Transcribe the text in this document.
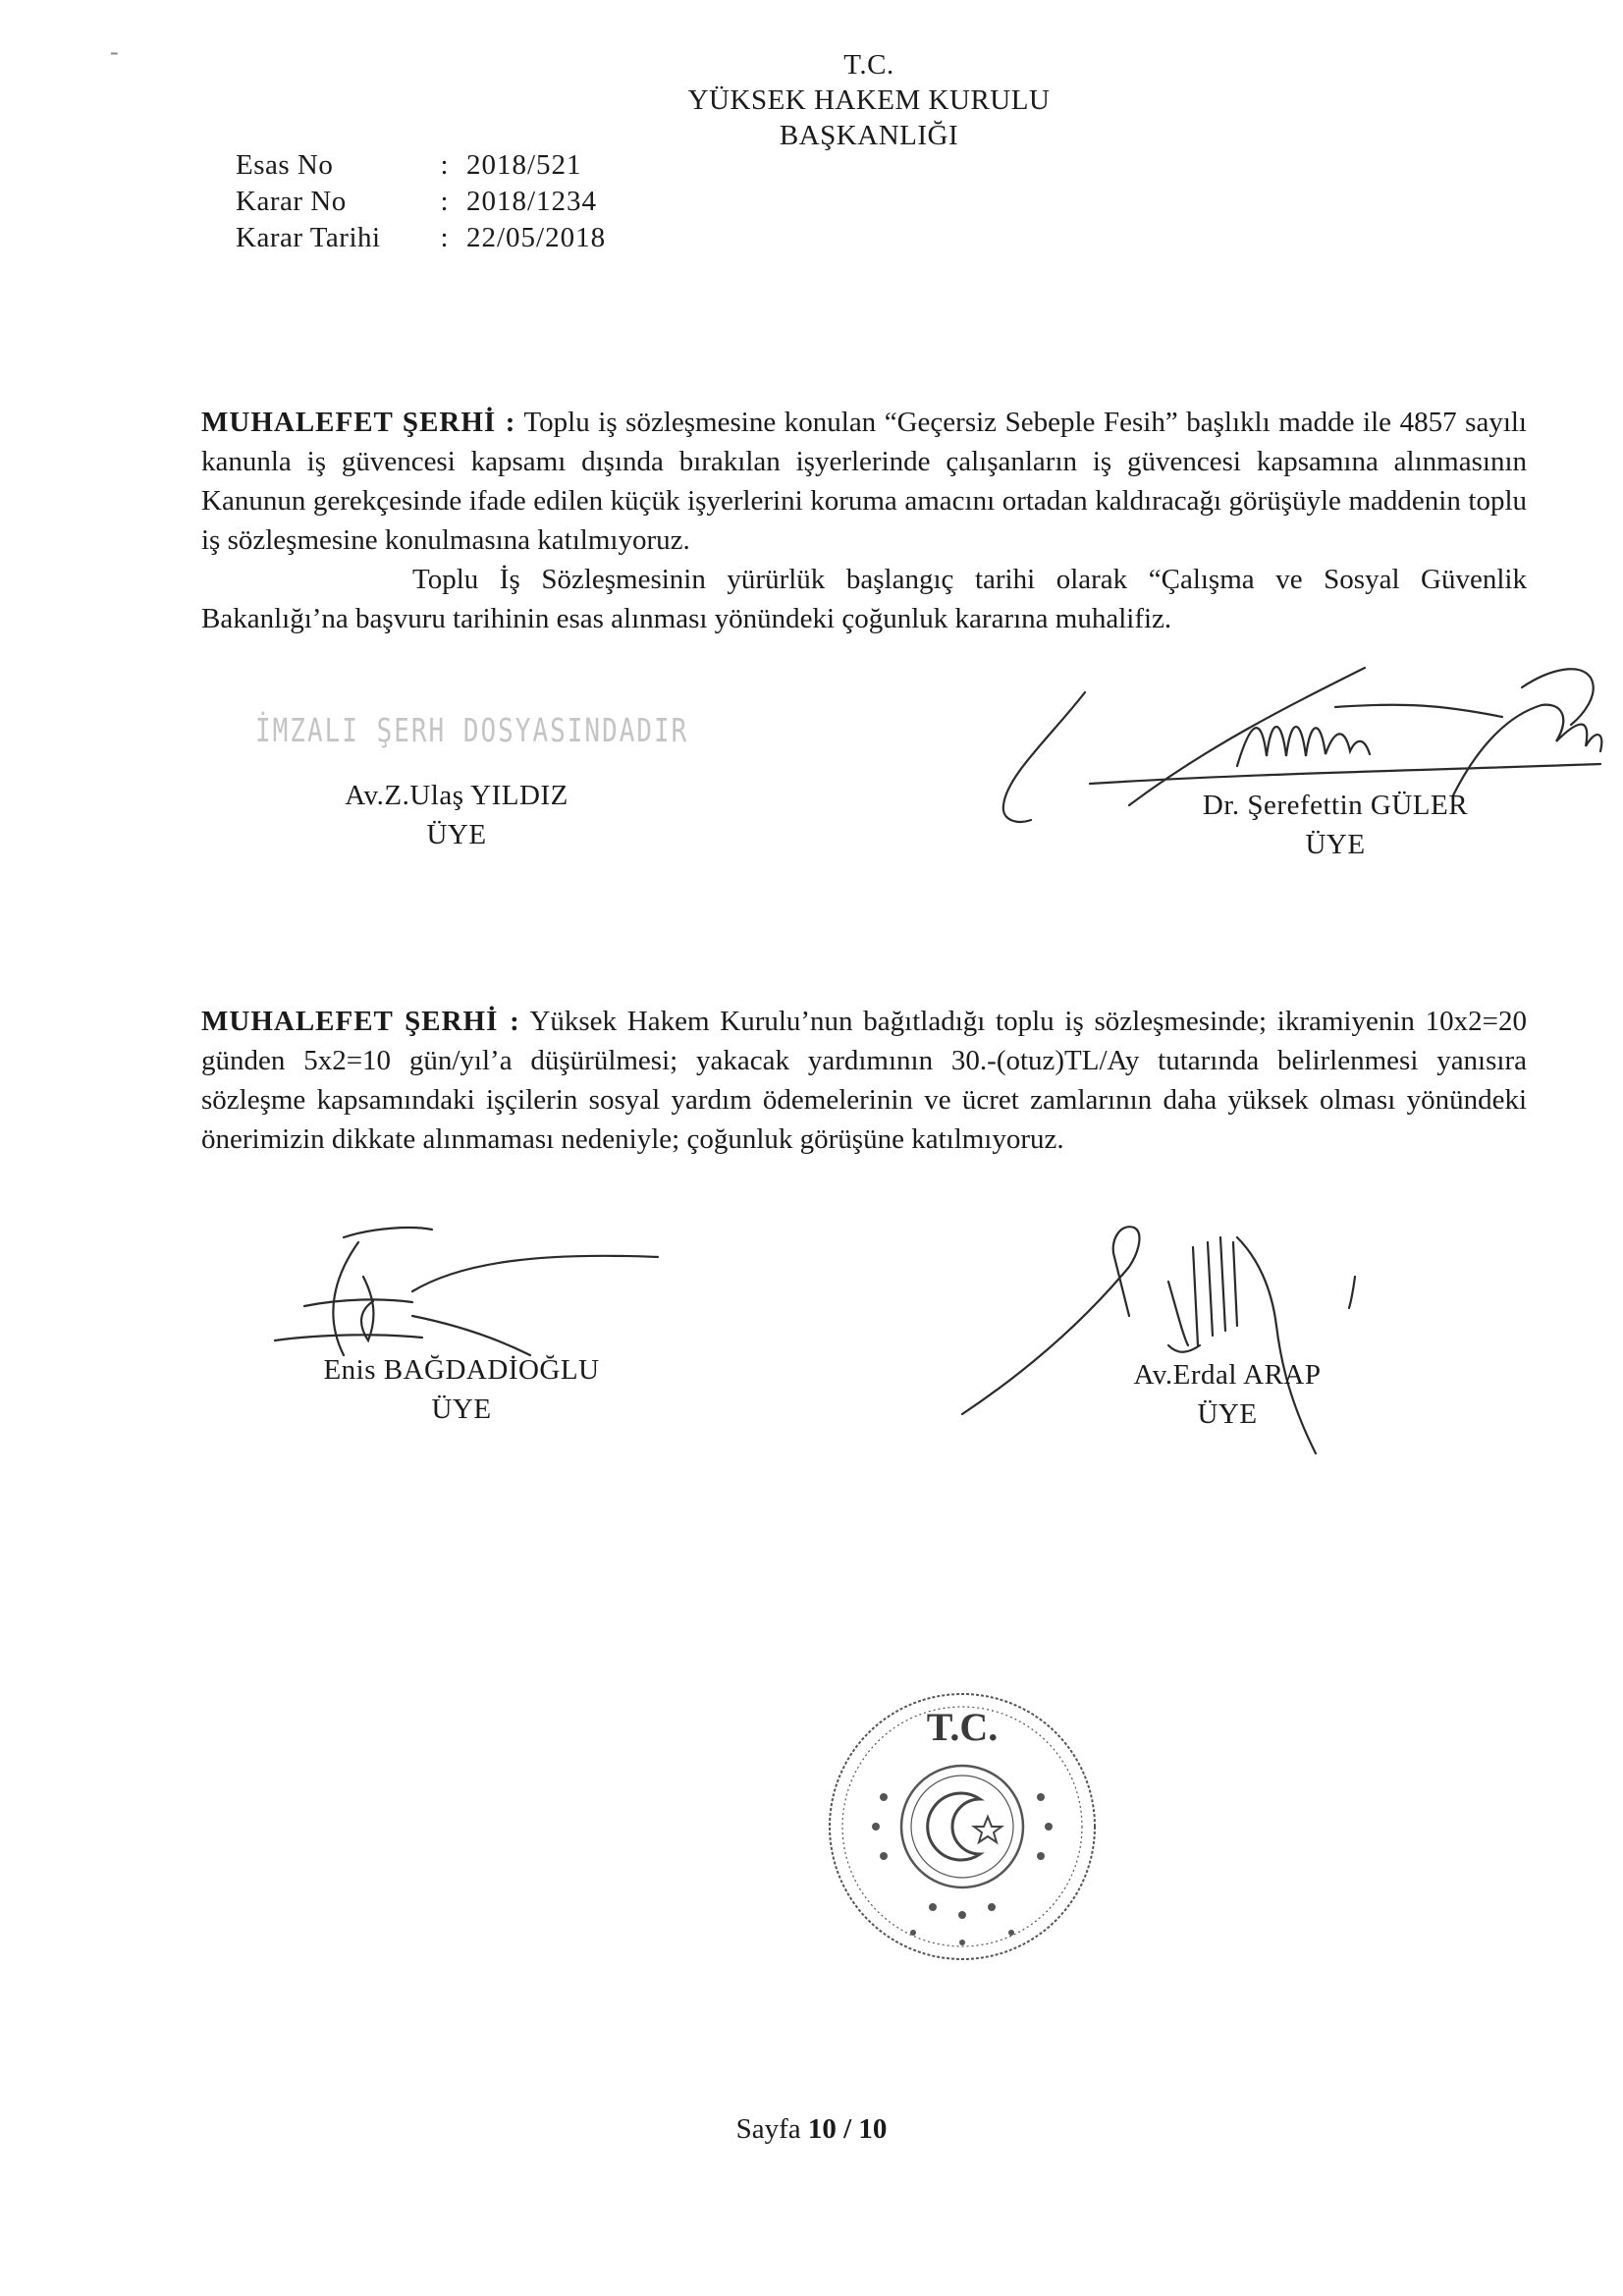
-	T.C.
YÜKSEK HAKEM KURULU
BAŞKANLIĞI
Esas No	: 2018/521
Karar No	: 2018/1234
Karar Tarihi	: 22/05/2018

MUHALEFET ŞERHİ : Toplu iş sözleşmesine konulan “Geçersiz Sebeple Fesih” başlıklı madde ile 4857 sayılı kanunla iş güvencesi kapsamı dışında bırakılan işyerlerinde çalışanların iş güvencesi kapsamına alınmasının Kanunun gerekçesinde ifade edilen küçük işyerlerini koruma amacını ortadan kaldıracağı görüşüyle maddenin toplu iş sözleşmesine konulmasına katılmıyoruz.

Toplu İş Sözleşmesinin yürürlük başlangıç tarihi olarak “Çalışma ve Sosyal Güvenlik Bakanlığı’na başvuru tarihinin esas alınması yönündeki çoğunluk kararına muhalifiz.

İMZALI ŞERH DOSYASINDADIR
Av.Z.Ulaş YILDIZ
ÜYE
Dr. Şerefettin GÜLER
ÜYE

MUHALEFET ŞERHİ : Yüksek Hakem Kurulu’nun bağıtladığı toplu iş sözleşmesinde; ikramiyenin 10x2=20 günden 5x2=10 gün/yıl’a düşürülmesi; yakacak yardımının 30.-(otuz)TL/Ay tutarında belirlenmesi yanısıra sözleşme kapsamındaki işçilerin sosyal yardım ödemelerinin ve ücret zamlarının daha yüksek olması yönündeki önerimizin dikkate alınmaması nedeniyle; çoğunluk görüşüne katılmıyoruz.

Enis BAĞDADİOĞLU
ÜYE
Av.Erdal ARAP
ÜYE
T.C.
Sayfa 10 / 10
